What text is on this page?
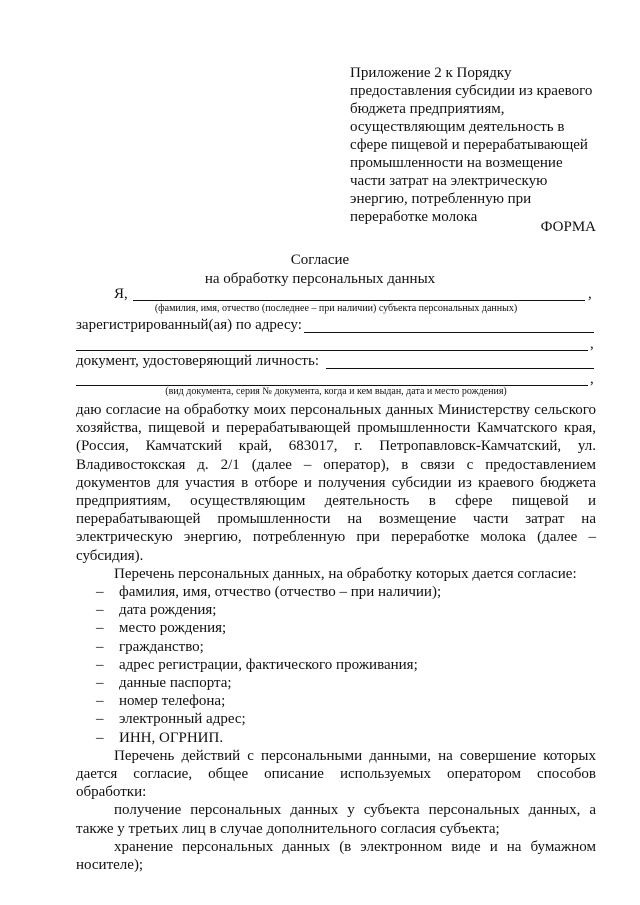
Приложение 2 к Порядку
предоставления субсидии из краевого
бюджета предприятиям,
осуществляющим деятельность в
сфере пищевой и перерабатывающей
промышленности на возмещение
части затрат на электрическую
энергию, потребленную при
переработке молока
ФОРМА
Согласие
на обработку персональных данных
Я,	,
(фамилия, имя, отчество (последнее – при наличии) субъекта персональных данных)
зарегистрированный(ая) по адресу:
,
документ, удостоверяющий личность:
,
(вид документа, серия № документа, когда и кем выдан, дата и место рождения)

даю согласие на обработку моих персональных данных Министерству сельского хозяйства, пищевой и перерабатывающей промышленности Камчатского края, (Россия, Камчатский край, 683017, г. Петропавловск-Камчатский, ул. Владивостокская д. 2/1 (далее – оператор), в связи с предоставлением документов для участия в отборе и получения субсидии из краевого бюджета предприятиям, осуществляющим деятельность в сфере пищевой и перерабатывающей промышленности на возмещение части затрат на электрическую энергию, потребленную при переработке молока (далее – субсидия).

Перечень персональных данных, на обработку которых дается согласие:

– фамилия, имя, отчество (отчество – при наличии);
– дата рождения;
– место рождения;
– гражданство;
– адрес регистрации, фактического проживания;
– данные паспорта;
– номер телефона;
– электронный адрес;
– ИНН, ОГРНИП.

Перечень действий с персональными данными, на совершение которых дается согласие, общее описание используемых оператором способов обработки:

получение персональных данных у субъекта персональных данных, а также у третьих лиц в случае дополнительного согласия субъекта;

хранение персональных данных (в электронном виде и на бумажном носителе);
